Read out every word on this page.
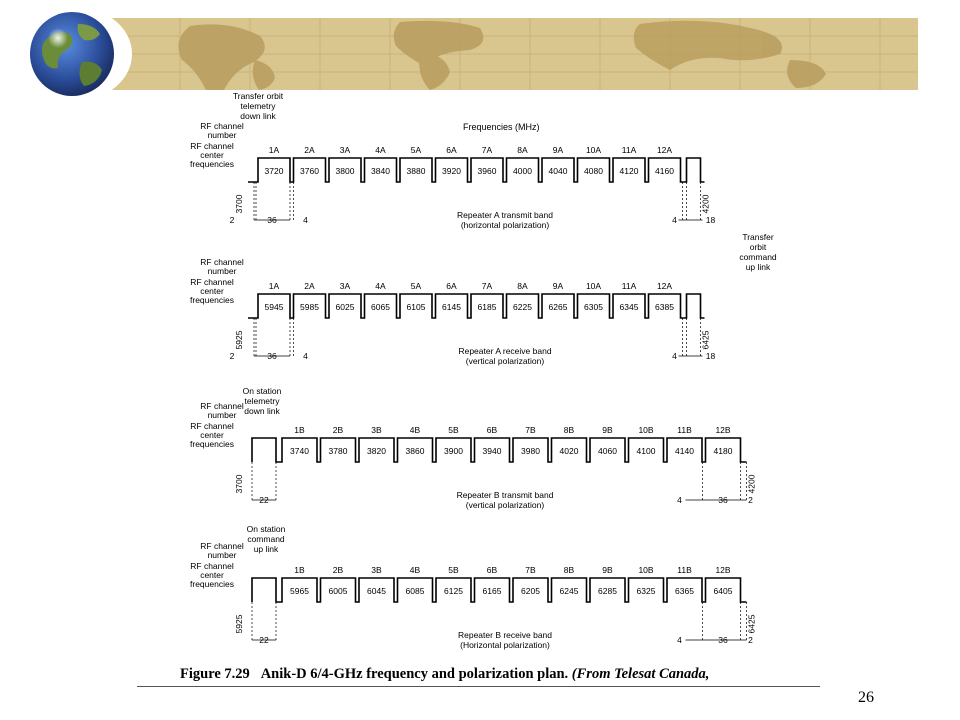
Frequencies (MHz)
RF channel
number
RF channel
center
frequencies
1A	2A	3A	4A	5A	6A	7A	8A	9A	10A 11A 12A
3720 3760 3800 3840 3880 3920 3960 4000 4040 4080 4120 4160
3700	4200
2	36	4	4	18
Repeater A transmit band
(horizontal polarization)
RF channel
number
RF channel
center
frequencies
1A	2A	3A	4A	5A	6A	7A	8A	9A	10A 11A 12A
5945 5985 6025 6065 6105 6145 6185 6225 6265 6305 6345 6385
5925	6425
2	36	4	4	18
Repeater A receive band
(vertical polarization)
RF channel
number
RF channel
center
frequencies
1B	2B	3B	4B	5B	6B	7B	8B	9B	10B	11B	12B
3740 3780 3820 3860 3900 3940 3980 4020 4060 4100 4140 4180
3700	4200
22	4	36 2
Repeater B transmit band
(vertical polarization)
RF channel
number
RF channel
center
frequencies
1B	2B	3B	4B	5B	6B	7B	8B	9B	10B	11B	12B
5965 6005 6045 6085 6125 6165 6205 6245 6285 6325 6365 6405
5925	6425
22	4	36 2
Repeater B receive band
(Horizontal polarization)
Transfer orbit
telemetry
down link
Transfer
orbit
command
up link
On station
telemetry
down link
On station
command
up link
Figure 7.29 Anik-D 6/4-GHz frequency and polarization plan. (From Telesat Canada,
26
